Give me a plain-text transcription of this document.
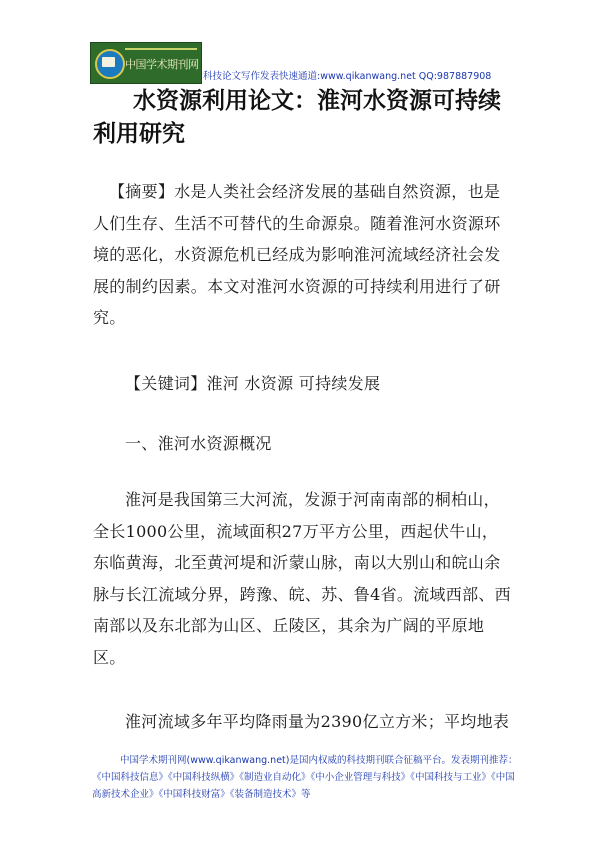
中国学术期刊网
科技论文写作发表快速通道:www.qikanwang.net QQ:987887908
水资源利用论文：淮河水资源可持续利用研究
【摘要】水是人类社会经济发展的基础自然资源，也是人们生存、生活不可替代的生命源泉。随着淮河水资源环境的恶化，水资源危机已经成为影响淮河流域经济社会发展的制约因素。本文对淮河水资源的可持续利用进行了研究。
【关键词】淮河 水资源 可持续发展
一、淮河水资源概况
淮河是我国第三大河流，发源于河南南部的桐柏山，全长1000公里，流域面积27万平方公里，西起伏牛山，东临黄海，北至黄河堤和沂蒙山脉，南以大别山和皖山余脉与长江流域分界，跨豫、皖、苏、鲁4省。流域西部、西南部以及东北部为山区、丘陵区，其余为广阔的平原地区。
淮河流域多年平均降雨量为2390亿立方米；平均地表
中国学术期刊网(www.qikanwang.net)是国内权威的科技期刊联合征稿平台。发表期刊推荐：《中国科技信息》《中国科技纵横》《制造业自动化》《中小企业管理与科技》《中国科技与工业》《中国高新技术企业》《中国科技财富》《装备制造技术》等
